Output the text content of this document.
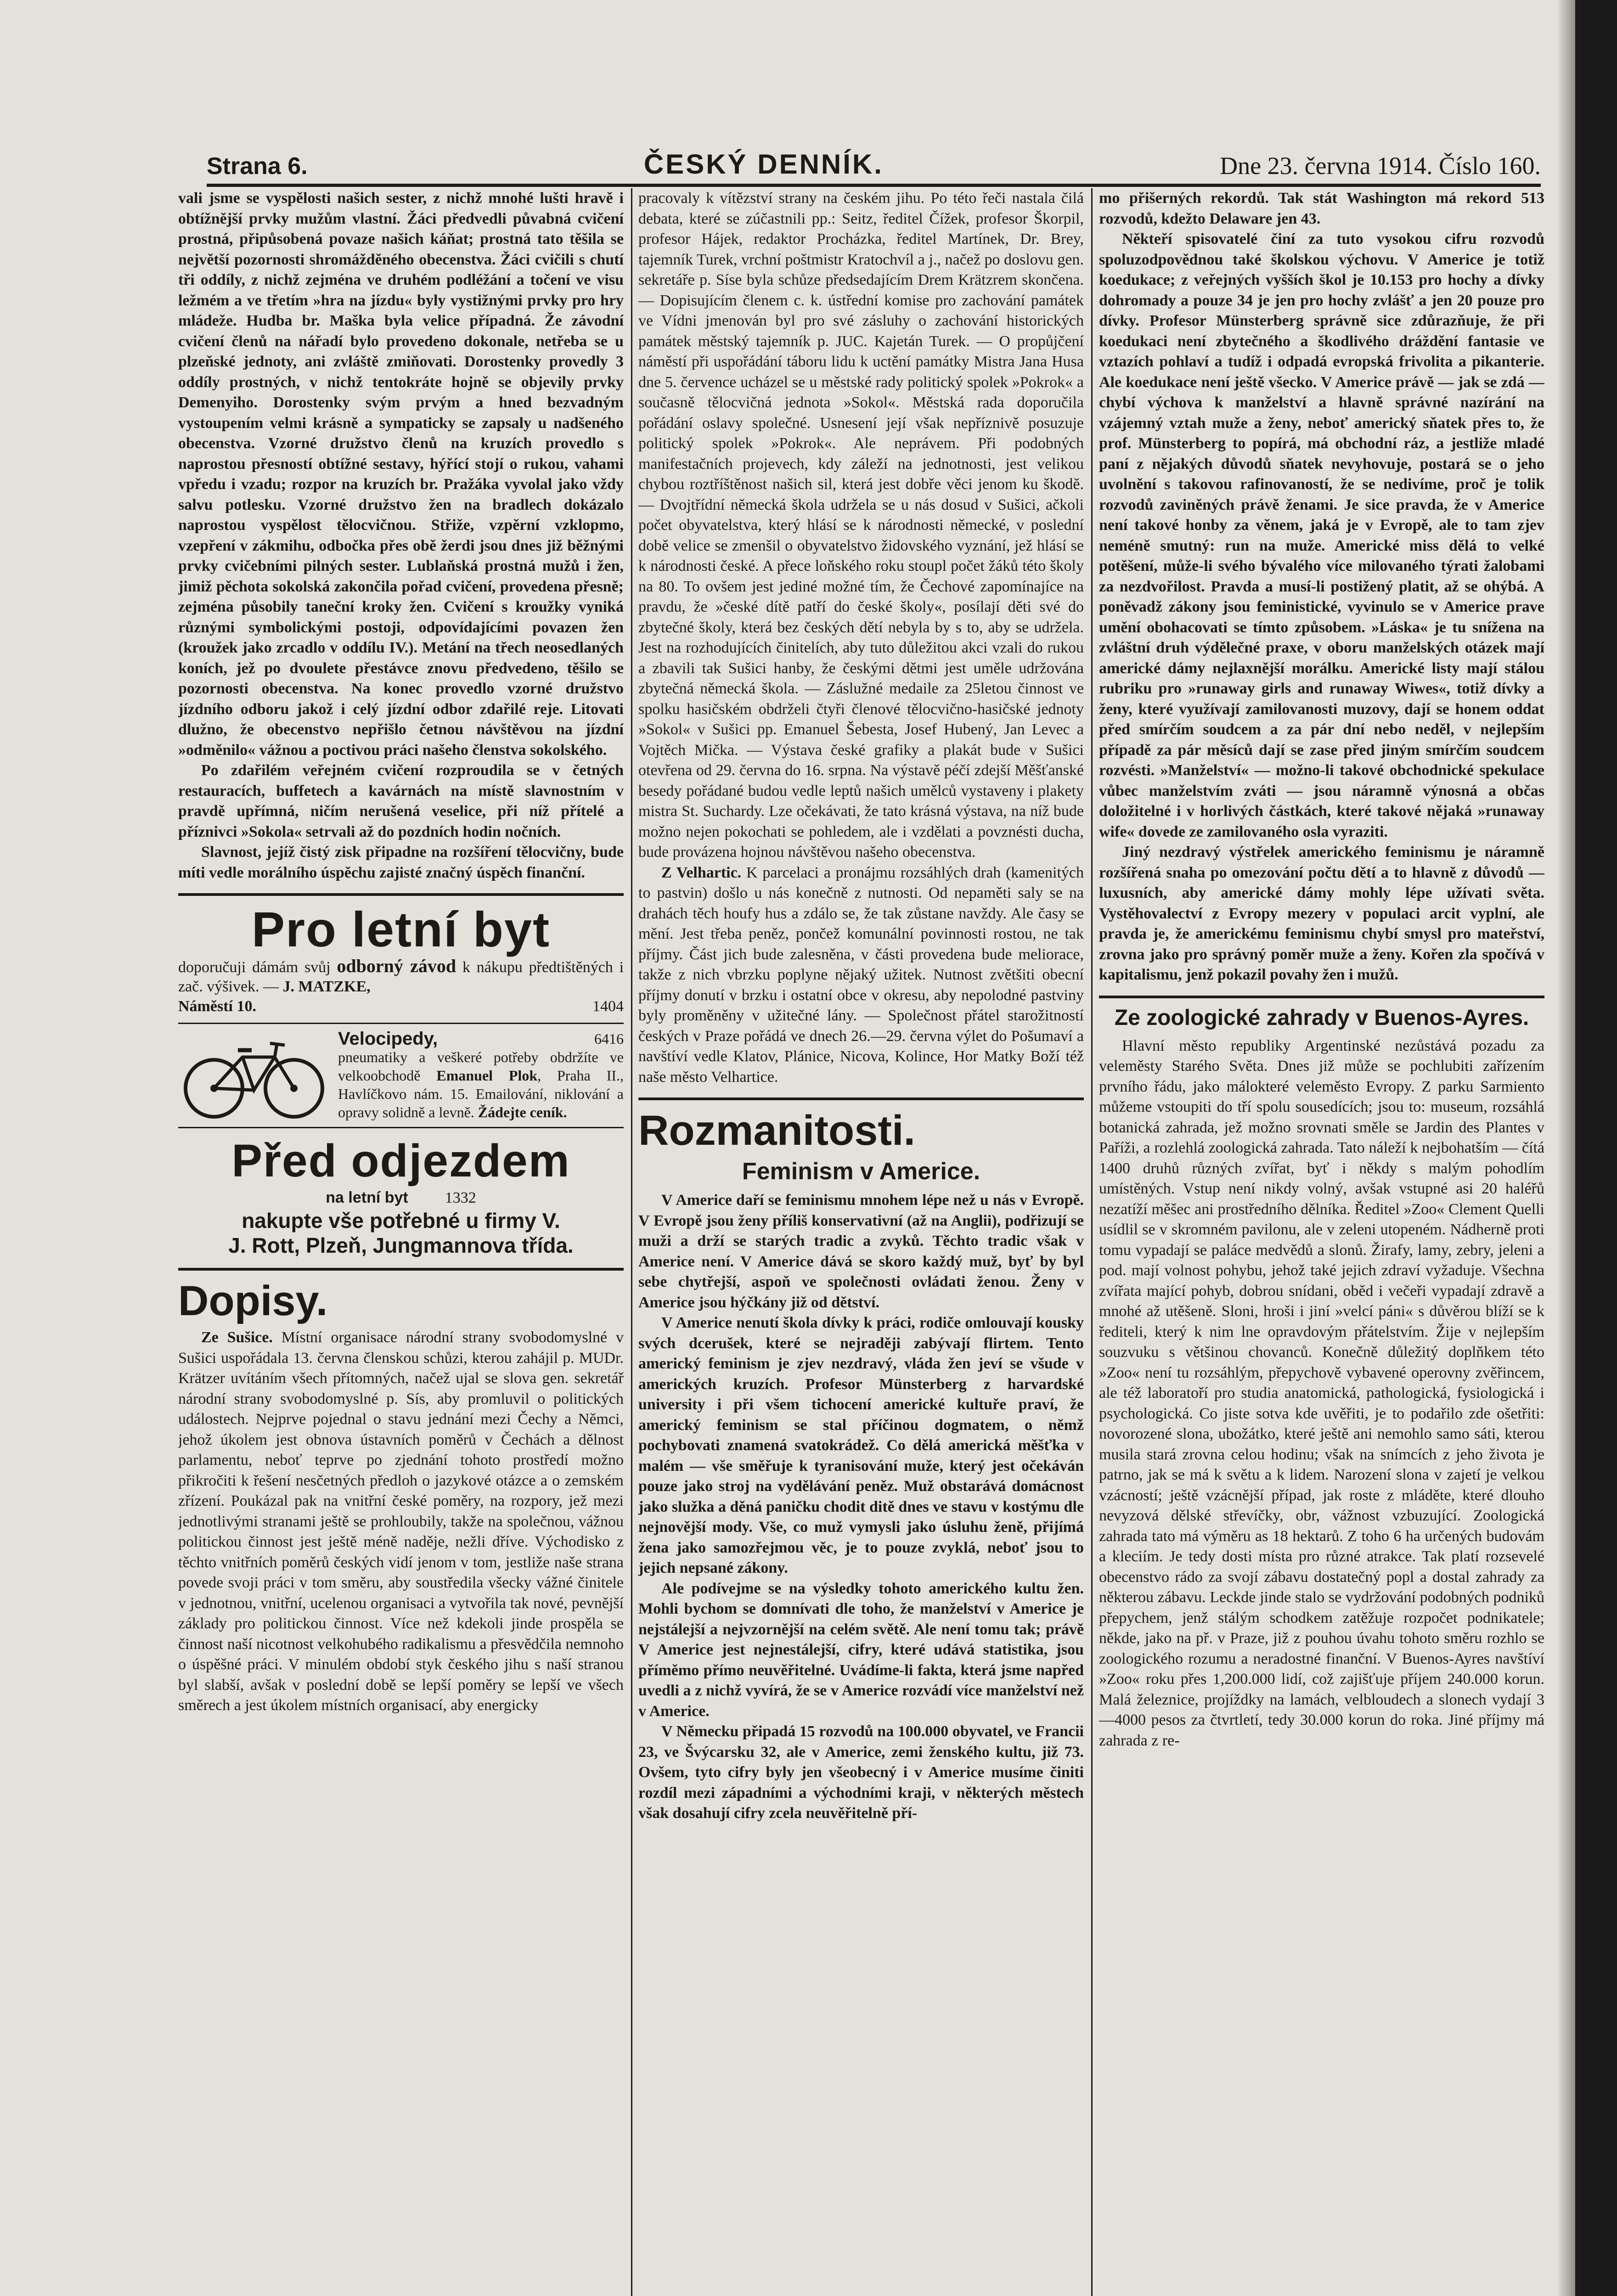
Strana 6.	ČESKÝ DENNÍK.	Dne 23. června 1914. Číslo 160.

vali jsme se vyspělosti našich sester, z nichž mnohé lušti hravě i obtížnější prvky mužům vlastní. Žáci předvedli půvabná cvičení prostná, připůsobená povaze našich káňat; prostná tato těšila se největší pozornosti shromážděného obecenstva. Žáci cvičili s chutí tři oddíly, z nichž zejména ve druhém podléžání a točení ve visu ležmém a ve třetím »hra na jízdu« byly vystižnými prvky pro hry mládeže. Hudba br. Maška byla velice případná. Že závodní cvičení členů na nářadí bylo provedeno dokonale, netřeba se u plzeňské jednoty, ani zvláště zmiňovati. Dorostenky provedly 3 oddíly prostných, v nichž tentokráte hojně se objevily prvky Demenyiho. Dorostenky svým prvým a hned bezvadným vystoupením velmi krásně a sympaticky se zapsaly u nadšeného obecenstva. Vzorné družstvo členů na kruzích provedlo s naprostou přesností obtížné sestavy, hýřící stojí o rukou, vahami vpředu i vzadu; rozpor na kruzích br. Pražáka vyvolal jako vždy salvu potlesku. Vzorné družstvo žen na bradlech dokázalo naprostou vyspělost tělocvičnou. Střiže, vzpěrní vzklopmo, vzepření v zákmihu, odbočka přes obě žerdi jsou dnes již běžnými prvky cvičebními pilných sester. Lublaňská prostná mužů i žen, jimiž pěchota sokolská zakončila pořad cvičení, provedena přesně; zejména působily taneční kroky žen. Cvičení s kroužky vyniká různými symbolickými postoji, odpovídajícími povazen žen (kroužek jako zrcadlo v oddílu IV.). Metání na třech neosedlaných koních, jež po dvoulete přestávce znovu předvedeno, těšilo se pozornosti obecenstva. Na konec provedlo vzorné družstvo jízdního odboru jakož i celý jízdní odbor zdařilé reje. Litovati dlužno, že obecenstvo nepřišlo četnou návštěvou na jízdní »odměnilo« vážnou a poctivou práci našeho členstva sokolského.

Po zdařilém veřejném cvičení rozproudila se v četných restauracích, buffetech a kavárnách na místě slavnostním v pravdě upřímná, ničím nerušená veselice, při níž přítelé a příznivci »Sokola« setrvali až do pozdních hodin nočních.

Slavnost, jejíž čistý zisk připadne na rozšíření tělocvičny, bude míti vedle morálního úspěchu zajisté značný úspěch finanční.

Pro letní byt
doporučuji dámám svůj odborný závod k nákupu předtištěných i zač. výšivek. — J. MATZKE,
Náměstí 10.	1404
Velocipedy,	6416
pneumatiky a veškeré potřeby obdržíte ve velkoobchodě Emanuel Plok, Praha II., Havlíčkovo nám. 15. Emailování, niklování a opravy solidně a levně. Žádejte ceník.
Před odjezdem
na letní byt 1332
nakupte vše potřebné u firmy V.
J. Rott, Plzeň, Jungmannova třída.
Dopisy.

Ze Sušice. Místní organisace národní strany svobodomyslné v Sušici uspořádala 13. června členskou schůzi, kterou zahájil p. MUDr. Krätzer uvítáním všech přítomných, načež ujal se slova gen. sekretář národní strany svobodomyslné p. Sís, aby promluvil o politických událostech. Nejprve pojednal o stavu jednání mezi Čechy a Němci, jehož úkolem jest obnova ústavních poměrů v Čechách a dělnost parlamentu, neboť teprve po zjednání tohoto prostředí možno přikročiti k řešení nesčetných předloh o jazykové otázce a o zemském zřízení. Poukázal pak na vnitřní české poměry, na rozpory, jež mezi jednotlivými stranami ještě se prohloubily, takže na společnou, vážnou politickou činnost jest ještě méně naděje, nežli dříve. Východisko z těchto vnitřních poměrů českých vidí jenom v tom, jestliže naše strana povede svoji práci v tom směru, aby soustředila všecky vážné činitele v jednotnou, vnitřní, ucelenou organisaci a vytvořila tak nové, pevnější základy pro politickou činnost. Více než kdekoli jinde prospěla se činnost naší nicotnost velkohubého radikalismu a přesvědčila nemnoho o úspěšné práci. V minulém období styk českého jihu s naší stranou byl slabší, avšak v poslední době se lepší poměry se lepší ve všech směrech a jest úkolem místních organisací, aby energicky

pracovaly k vítězství strany na českém jihu. Po této řeči nastala čilá debata, které se zúčastnili pp.: Seitz, ředitel Čížek, profesor Škorpil, profesor Hájek, redaktor Procházka, ředitel Martínek, Dr. Brey, tajemník Turek, vrchní poštmistr Kratochvíl a j., načež po doslovu gen. sekretáře p. Síse byla schůze předsedajícím Drem Krätzrem skončena. — Dopisujícím členem c. k. ústřední komise pro zachování památek ve Vídni jmenován byl pro své zásluhy o zachování historických památek městský tajemník p. JUC. Kajetán Turek. — O propůjčení náměstí při uspořádání táboru lidu k uctění památky Mistra Jana Husa dne 5. července ucházel se u městské rady politický spolek »Pokrok« a současně tělocvičná jednota »Sokol«. Městská rada doporučila pořádání oslavy společné. Usnesení její však nepříznivě posuzuje politický spolek »Pokrok«. Ale neprávem. Při podobných manifestačních projevech, kdy záleží na jednotnosti, jest velikou chybou roztříštěnost našich sil, která jest dobře věci jenom ku škodě. — Dvojtřídní německá škola udržela se u nás dosud v Sušici, ačkoli počet obyvatelstva, který hlásí se k národnosti německé, v poslední době velice se zmenšil o obyvatelstvo židovského vyznání, jež hlásí se k národnosti české. A přece loňského roku stoupl počet žáků této školy na 80. To ovšem jest jediné možné tím, že Čechové zapomínajíce na pravdu, že »české dítě patří do české školy«, posílají děti své do zbytečné školy, která bez českých dětí nebyla by s to, aby se udržela. Jest na rozhodujících činitelích, aby tuto důležitou akci vzali do rukou a zbavili tak Sušici hanby, že českými dětmi jest uměle udržována zbytečná německá škola. — Záslužné medaile za 25letou činnost ve spolku hasičském obdrželi čtyři členové tělocvično-hasičské jednoty »Sokol« v Sušici pp. Emanuel Šebesta, Josef Hubený, Jan Levec a Vojtěch Mička. — Výstava české grafiky a plakát bude v Sušici otevřena od 29. června do 16. srpna. Na výstavě péčí zdejší Měšťanské besedy pořádané budou vedle leptů našich umělců vystaveny i plakety mistra St. Suchardy. Lze očekávati, že tato krásná výstava, na níž bude možno nejen pokochati se pohledem, ale i vzdělati a povznésti ducha, bude provázena hojnou návštěvou našeho obecenstva.

Z Velhartic. K parcelaci a pronájmu rozsáhlých drah (kamenitých to pastvin) došlo u nás konečně z nutnosti. Od nepaměti saly se na drahách těch houfy hus a zdálo se, že tak zůstane navždy. Ale časy se mění. Jest třeba peněz, pončež komunální povinnosti rostou, ne tak příjmy. Část jich bude zalesněna, v části provedena bude meliorace, takže z nich vbrzku poplyne nějaký užitek. Nutnost zvětšiti obecní příjmy donutí v brzku i ostatní obce v okresu, aby nepolodné pastviny byly proměněny v užitečné lány. — Společnost přátel starožitností českých v Praze pořádá ve dnech 26.—29. června výlet do Pošumaví a navštíví vedle Klatov, Plánice, Nicova, Kolince, Hor Matky Boží též naše město Velhartice.

Rozmanitosti.
Feminism v Americe.

V Americe daří se feminismu mnohem lépe než u nás v Evropě. V Evropě jsou ženy příliš konservativní (až na Anglii), podřizují se muži a drží se starých tradic a zvyků. Těchto tradic však v Americe není. V Americe dává se skoro každý muž, byť by byl sebe chytřejší, aspoň ve společnosti ovládati ženou. Ženy v Americe jsou hýčkány již od dětství.

V Americe nenutí škola dívky k práci, rodiče omlouvají kousky svých dcerušek, které se nejraději zabývají flirtem. Tento americký feminism je zjev nezdravý, vláda žen jeví se všude v amerických kruzích. Profesor Münsterberg z harvardské university i při všem tichocení americké kultuře praví, že americký feminism se stal příčinou dogmatem, o němž pochybovati znamená svatokrádež. Co dělá americká měšťka v malém — vše směřuje k tyranisování muže, který jest očekáván pouze jako stroj na vydělávání peněz. Muž obstarává domácnost jako služka a děná paničku chodit ditě dnes ve stavu v kostýmu dle nejnovější mody. Vše, co muž vymysli jako úsluhu ženě, přijímá žena jako samozřejmou věc, je to pouze zvyklá, neboť jsou to jejich nepsané zákony.

Ale podívejme se na výsledky tohoto amerického kultu žen. Mohli bychom se domnívati dle toho, že manželství v Americe je nejstálejší a nejvzornější na celém světě. Ale není tomu tak; právě V Americe jest nejnestálejší, cifry, které udává statistika, jsou příměmo přímo neuvěřitelné. Uvádíme-li fakta, která jsme napřed uvedli a z nichž vyvírá, že se v Americe rozvádí více manželství než v Americe.

V Německu připadá 15 rozvodů na 100.000 obyvatel, ve Francii 23, ve Švýcarsku 32, ale v Americe, zemi ženského kultu, již 73. Ovšem, tyto cifry byly jen všeobecný i v Americe musíme činiti rozdíl mezi západními a východními kraji, v některých městech však dosahují cifry zcela neuvěřitelně pří-

mo přišerných rekordů. Tak stát Washington má rekord 513 rozvodů, kdežto Delaware jen 43.

Někteří spisovatelé činí za tuto vysokou cifru rozvodů spoluzodpovědnou také školskou výchovu. V Americe je totiž koedukace; z veřejných vyšších škol je 10.153 pro hochy a dívky dohromady a pouze 34 je jen pro hochy zvlášť a jen 20 pouze pro dívky. Profesor Münsterberg správně sice zdůrazňuje, že při koedukaci není zbytečného a škodlivého dráždění fantasie ve vztazích pohlaví a tudíž i odpadá evropská frivolita a pikanterie. Ale koedukace není ještě všecko. V Americe právě — jak se zdá — chybí výchova k manželství a hlavně správné nazírání na vzájemný vztah muže a ženy, neboť americký sňatek přes to, že prof. Münsterberg to popírá, má obchodní ráz, a jestliže mladé paní z nějakých důvodů sňatek nevyhovuje, postará se o jeho uvolnění s takovou rafinovaností, že se nedivíme, proč je tolik rozvodů zaviněných právě ženami. Je sice pravda, že v Americe není takové honby za věnem, jaká je v Evropě, ale to tam zjev neméně smutný: run na muže. Americké miss dělá to velké potěšení, může-li svého bývalého více milovaného týrati žalobami za nezdvořilost. Pravda a musí-li postižený platit, až se ohýbá. A poněvadž zákony jsou feministické, vyvinulo se v Americe prave umění obohacovati se tímto způsobem. »Láska« je tu snížena na zvláštní druh výdělečné praxe, v oboru manželských otázek mají americké dámy nejlaxnější morálku. Americké listy mají stálou rubriku pro »runaway girls and runaway Wiwes«, totiž dívky a ženy, které využívají zamilovanosti muzovy, dají se honem oddat před smírčím soudcem a za pár dní nebo neděl, v nejlepším případě za pár měsíců dají se zase před jiným smírčím soudcem rozvésti. »Manželství« — možno-li takové obchodnické spekulace vůbec manželstvím zváti — jsou náramně výnosná a občas doložitelné i v horlivých částkách, které takové nějaká »runaway wife« dovede ze zamilovaného osla vyraziti.

Jiný nezdravý výstřelek amerického feminismu je náramně rozšířená snaha po omezování počtu dětí a to hlavně z důvodů — luxusních, aby americké dámy mohly lépe užívati světa. Vystěhovalectví z Evropy mezery v populaci arcit vyplní, ale pravda je, že americkému feminismu chybí smysl pro mateřství, zrovna jako pro správný poměr muže a ženy. Kořen zla spočívá v kapitalismu, jenž pokazil povahy žen i mužů.

Ze zoologické zahrady v Buenos-Ayres.

Hlavní město republiky Argentinské nezůstává pozadu za veleměsty Starého Světa. Dnes již může se pochlubiti zařízením prvního řádu, jako málokteré veleměsto Evropy. Z parku Sarmiento můžeme vstoupiti do tří spolu sousedících; jsou to: museum, rozsáhlá botanická zahrada, jež možno srovnati směle se Jardin des Plantes v Paříži, a rozlehlá zoologická zahrada. Tato náleží k nejbohatším — čítá 1400 druhů různých zvířat, byť i někdy s malým pohodlím umístěných. Vstup není nikdy volný, avšak vstupné asi 20 haléřů nezatíží měšec ani prostředního dělníka. Ředitel »Zoo« Clement Quelli usídlil se v skromném pavilonu, ale v zeleni utopeném. Nádherně proti tomu vypadají se paláce medvědů a slonů. Žirafy, lamy, zebry, jeleni a pod. mají volnost pohybu, jehož také jejich zdraví vyžaduje. Všechna zvířata mající pohyb, dobrou snídani, oběd i večeři vypadají zdravě a mnohé až utěšeně. Sloni, hroši i jiní »velcí páni« s důvěrou blíží se k řediteli, který k nim lne opravdovým přátelstvím. Žije v nejlepším souzvuku s většinou chovanců. Konečně důležitý doplňkem této »Zoo« není tu rozsáhlým, přepychově vybavené operovny zvěřincem, ale též laboratoří pro studia anatomická, pathologická, fysiologická i psychologická. Co jiste sotva kde uvěřiti, je to podařilo zde ošetřiti: novorozené slona, ubožátko, které ještě ani nemohlo samo sáti, kterou musila stará zrovna celou hodinu; však na snímcích z jeho života je patrno, jak se má k světu a k lidem. Narození slona v zajetí je velkou vzácností; ještě vzácnější případ, jak roste z mláděte, které dlouho nevyzová dělské střevíčky, obr, vážnost vzbuzující. Zoologická zahrada tato má výměru as 18 hektarů. Z toho 6 ha určených budovám a kleciím. Je tedy dosti místa pro různé atrakce. Tak platí rozsevelé obecenstvo rádo za svojí zábavu dostatečný popl a dostal zahrady za některou zábavu. Leckde jinde stalo se vydržování podobných podniků přepychem, jenž stálým schodkem zatěžuje rozpočet podnikatele; někde, jako na př. v Praze, již z pouhou úvahu tohoto směru rozhlo se zoologického rozumu a neradostné finanční. V Buenos-Ayres navštíví »Zoo« roku přes 1,200.000 lidí, což zajišťuje příjem 240.000 korun. Malá železnice, projíždky na lamách, velbloudech a slonech vydají 3—4000 pesos za čtvrtletí, tedy 30.000 korun do roka. Jiné příjmy má zahrada z re-
